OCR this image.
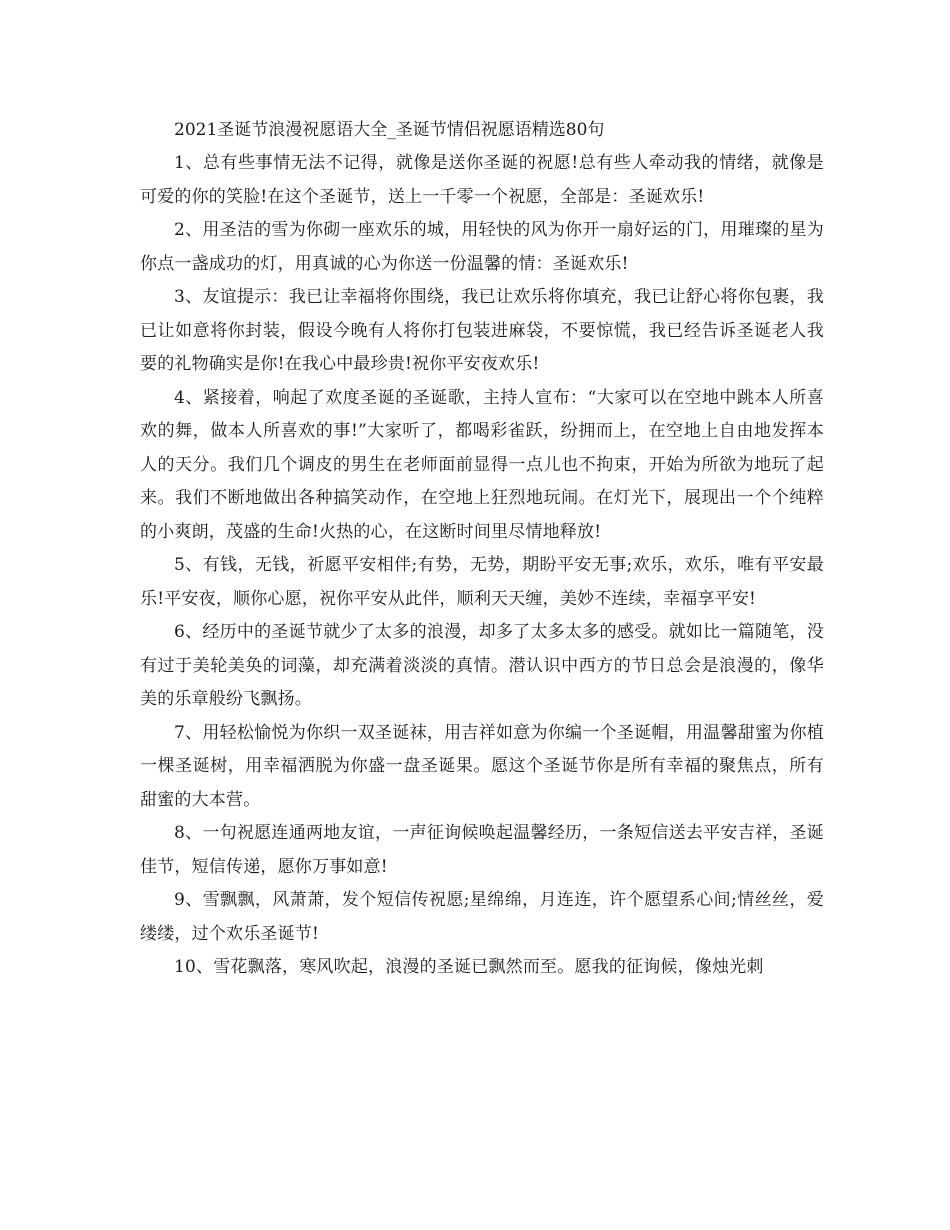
2021圣诞节浪漫祝愿语大全_圣诞节情侣祝愿语精选80句

1、总有些事情无法不记得，就像是送你圣诞的祝愿!总有些人牵动我的情绪，就像是可爱的你的笑脸!在这个圣诞节，送上一千零一个祝愿，全部是：圣诞欢乐!

2、用圣洁的雪为你砌一座欢乐的城，用轻快的风为你开一扇好运的门，用璀璨的星为你点一盏成功的灯，用真诚的心为你送一份温馨的情：圣诞欢乐!

3、友谊提示：我已让幸福将你围绕，我已让欢乐将你填充，我已让舒心将你包裹，我已让如意将你封装，假设今晚有人将你打包装进麻袋，不要惊慌，我已经告诉圣诞老人我要的礼物确实是你!在我心中最珍贵!祝你平安夜欢乐!

4、紧接着，响起了欢度圣诞的圣诞歌，主持人宣布：“大家可以在空地中跳本人所喜欢的舞，做本人所喜欢的事!”大家听了，都喝彩雀跃，纷拥而上，在空地上自由地发挥本人的天分。我们几个调皮的男生在老师面前显得一点儿也不拘束，开始为所欲为地玩了起来。我们不断地做出各种搞笑动作，在空地上狂烈地玩闹。在灯光下，展现出一个个纯粹的小爽朗，茂盛的生命!火热的心，在这断时间里尽情地释放!

5、有钱，无钱，祈愿平安相伴;有势，无势，期盼平安无事;欢乐，欢乐，唯有平安最乐!平安夜，顺你心愿，祝你平安从此伴，顺利天天缠，美妙不连续，幸福享平安!

6、经历中的圣诞节就少了太多的浪漫，却多了太多太多的感受。就如比一篇随笔，没有过于美轮美奂的词藻，却充满着淡淡的真情。潜认识中西方的节日总会是浪漫的，像华美的乐章般纷飞飘扬。

7、用轻松愉悦为你织一双圣诞袜，用吉祥如意为你编一个圣诞帽，用温馨甜蜜为你植一棵圣诞树，用幸福洒脱为你盛一盘圣诞果。愿这个圣诞节你是所有幸福的聚焦点，所有甜蜜的大本营。

8、一句祝愿连通两地友谊，一声征询候唤起温馨经历，一条短信送去平安吉祥，圣诞佳节，短信传递，愿你万事如意!

9、雪飘飘，风萧萧，发个短信传祝愿;星绵绵，月连连，许个愿望系心间;情丝丝，爱缕缕，过个欢乐圣诞节!

10、雪花飘落，寒风吹起，浪漫的圣诞已飘然而至。愿我的征询候，像烛光刺
